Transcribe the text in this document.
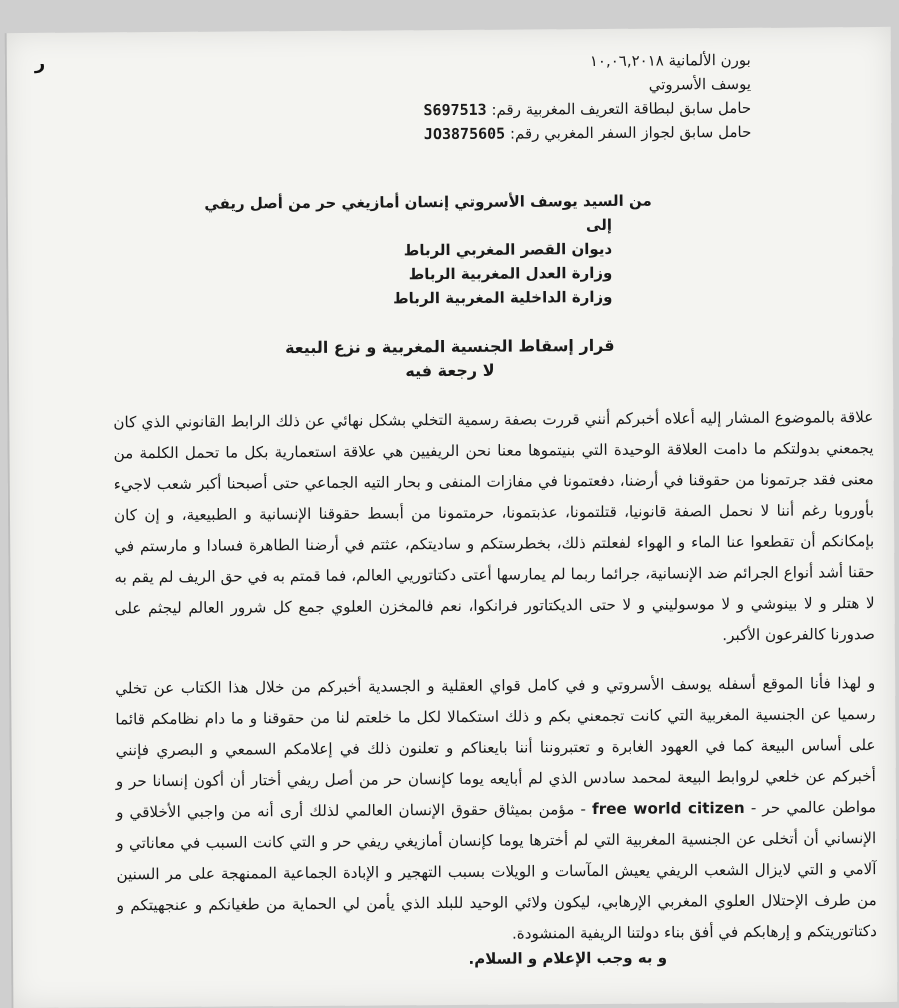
ر	بورن الألمانية ١٠,٠٦,٢٠١٨
يوسف الأسروتي
حامل سابق لبطاقة التعريف المغربية رقم: S697513
حامل سابق لجواز السفر المغربي رقم: JO3875605
من السيد يوسف الأسروتي إنسان أمازيغي حر من أصل ريفي
إلى
ديوان القصر المغربي الرباط
وزارة العدل المغربية الرباط
وزارة الداخلية المغربية الرباط
قرار إسقاط الجنسية المغربية و نزع البيعة
لا رجعة فيه

علاقة بالموضوع المشار إليه أعلاه أخبركم أنني قررت بصفة رسمية التخلي بشكل نهائي عن ذلك الرابط القانوني الذي كان يجمعني بدولتكم ما دامت العلاقة الوحيدة التي بنيتموها معنا نحن الريفيين هي علاقة استعمارية بكل ما تحمل الكلمة من معنى فقد جرتمونا من حقوقنا في أرضنا، دفعتمونا في مفازات المنفى و بحار التيه الجماعي حتى أصبحنا أكبر شعب لاجيء بأوروبا رغم أننا لا نحمل الصفة قانونيا، قتلتمونا، عذبتمونا، حرمتمونا من أبسط حقوقنا الإنسانية و الطبيعية، و إن كان بإمكانكم أن تقطعوا عنا الماء و الهواء لفعلتم ذلك، بخطرستكم و ساديتكم، عثتم في أرضنا الطاهرة فسادا و مارستم في حقنا أشد أنواع الجرائم ضد الإنسانية، جرائما ربما لم يمارسها أعتى دكتاتوريي العالم، فما قمتم به في حق الريف لم يقم به لا هتلر و لا بينوشي و لا موسوليني و لا حتى الديكتاتور فرانكوا، نعم فالمخزن العلوي جمع كل شرور العالم ليجثم على صدورنا كالفرعون الأكبر.

و لهذا فأنا الموقع أسفله يوسف الأسروتي و في كامل قواي العقلية و الجسدية أخبركم من خلال هذا الكتاب عن تخلي رسميا عن الجنسية المغربية التي كانت تجمعني بكم و ذلك استكمالا لكل ما خلعتم لنا من حقوقنا و ما دام نظامكم قائما على أساس البيعة كما في العهود الغابرة و تعتبروننا أننا بايعناكم و تعلنون ذلك في إعلامكم السمعي و البصري فإنني أخبركم عن خلعي لروابط البيعة لمحمد سادس الذي لم أبايعه يوما كإنسان حر من أصل ريفي أختار أن أكون إنسانا حر و مواطن عالمي حر - free world citizen - مؤمن بميثاق حقوق الإنسان العالمي لذلك أرى أنه من واجبي الأخلاقي و الإنساني أن أتخلى عن الجنسية المغربية التي لم أخترها يوما كإنسان أمازيغي ريفي حر و التي كانت السبب في معاناتي و آلامي و التي لايزال الشعب الريفي يعيش المآسات و الويلات بسبب التهجير و الإبادة الجماعية الممنهجة على مر السنين من طرف الإحتلال العلوي المغربي الإرهابي، ليكون ولائي الوحيد للبلد الذي يأمن لي الحماية من طغيانكم و عنجهيتكم و دكتاتوريتكم و إرهابكم في أفق بناء دولتنا الريفية المنشودة.

و به وجب الإعلام و السلام.
